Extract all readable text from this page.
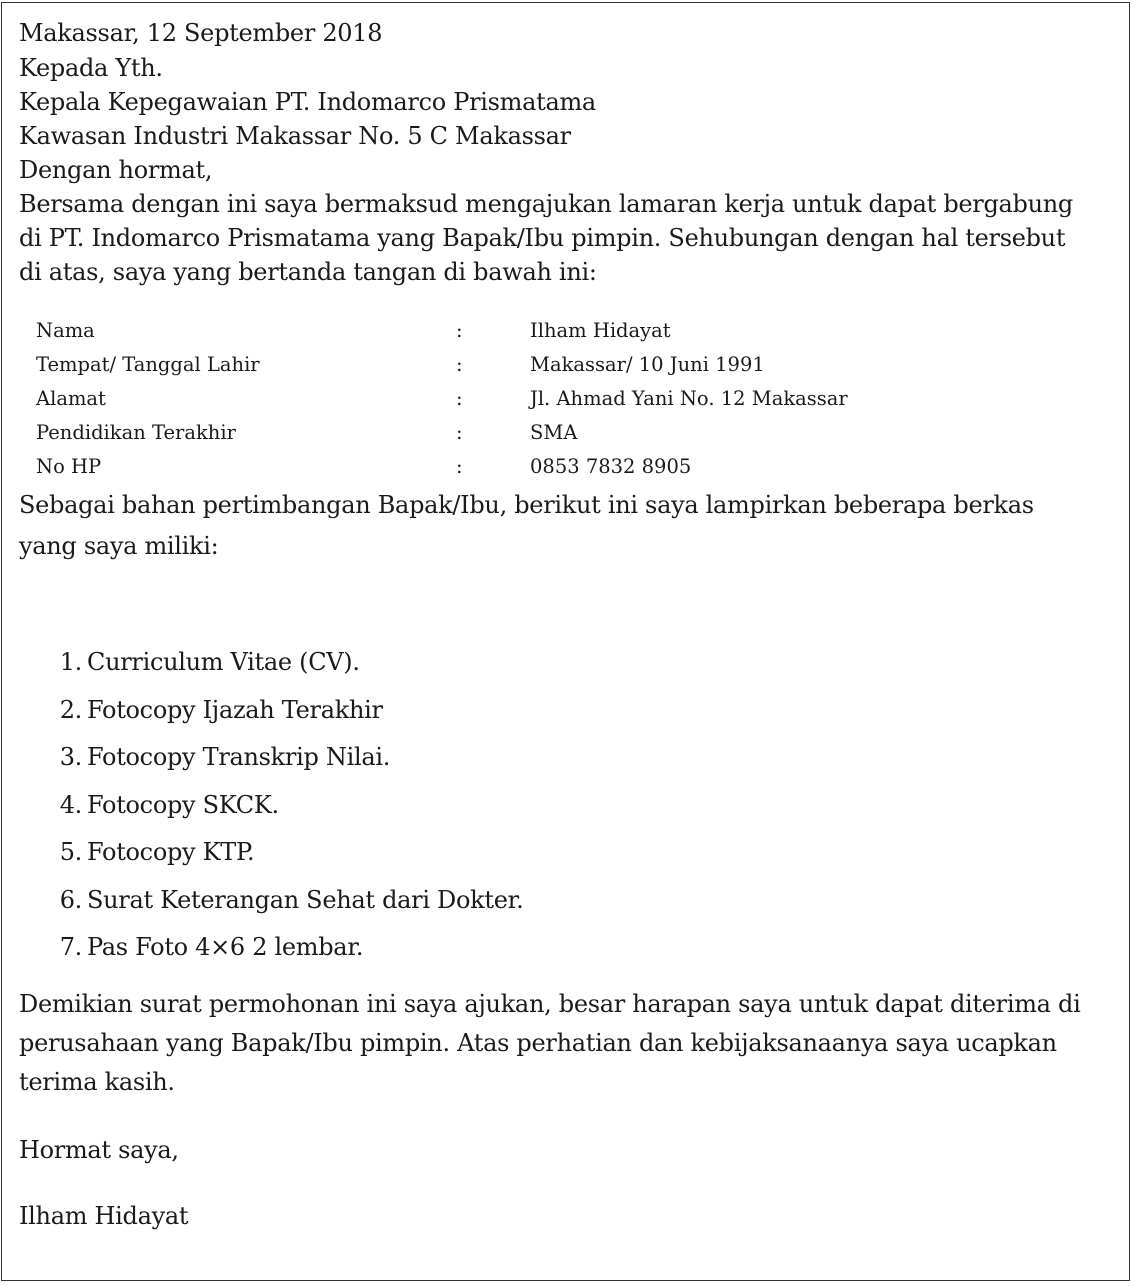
Makassar, 12 September 2018
Kepada Yth.
Kepala Kepegawaian PT. Indomarco Prismatama
Kawasan Industri Makassar No. 5 C Makassar
Dengan hormat,
Bersama dengan ini saya bermaksud mengajukan lamaran kerja untuk dapat bergabung
di PT. Indomarco Prismatama yang Bapak/Ibu pimpin. Sehubungan dengan hal tersebut
di atas, saya yang bertanda tangan di bawah ini:
Nama	:	Ilham Hidayat
Tempat/ Tanggal Lahir	:	Makassar/ 10 Juni 1991
Alamat	:	Jl. Ahmad Yani No. 12 Makassar
Pendidikan Terakhir	:	SMA
No HP	:	0853 7832 8905
Sebagai bahan pertimbangan Bapak/Ibu, berikut ini saya lampirkan beberapa berkas
yang saya miliki:
1. Curriculum Vitae (CV).
2. Fotocopy Ijazah Terakhir
3. Fotocopy Transkrip Nilai.
4. Fotocopy SKCK.
5. Fotocopy KTP.
6. Surat Keterangan Sehat dari Dokter.
7. Pas Foto 4×6 2 lembar.
Demikian surat permohonan ini saya ajukan, besar harapan saya untuk dapat diterima di
perusahaan yang Bapak/Ibu pimpin. Atas perhatian dan kebijaksanaanya saya ucapkan
terima kasih.
Hormat saya,
Ilham Hidayat
